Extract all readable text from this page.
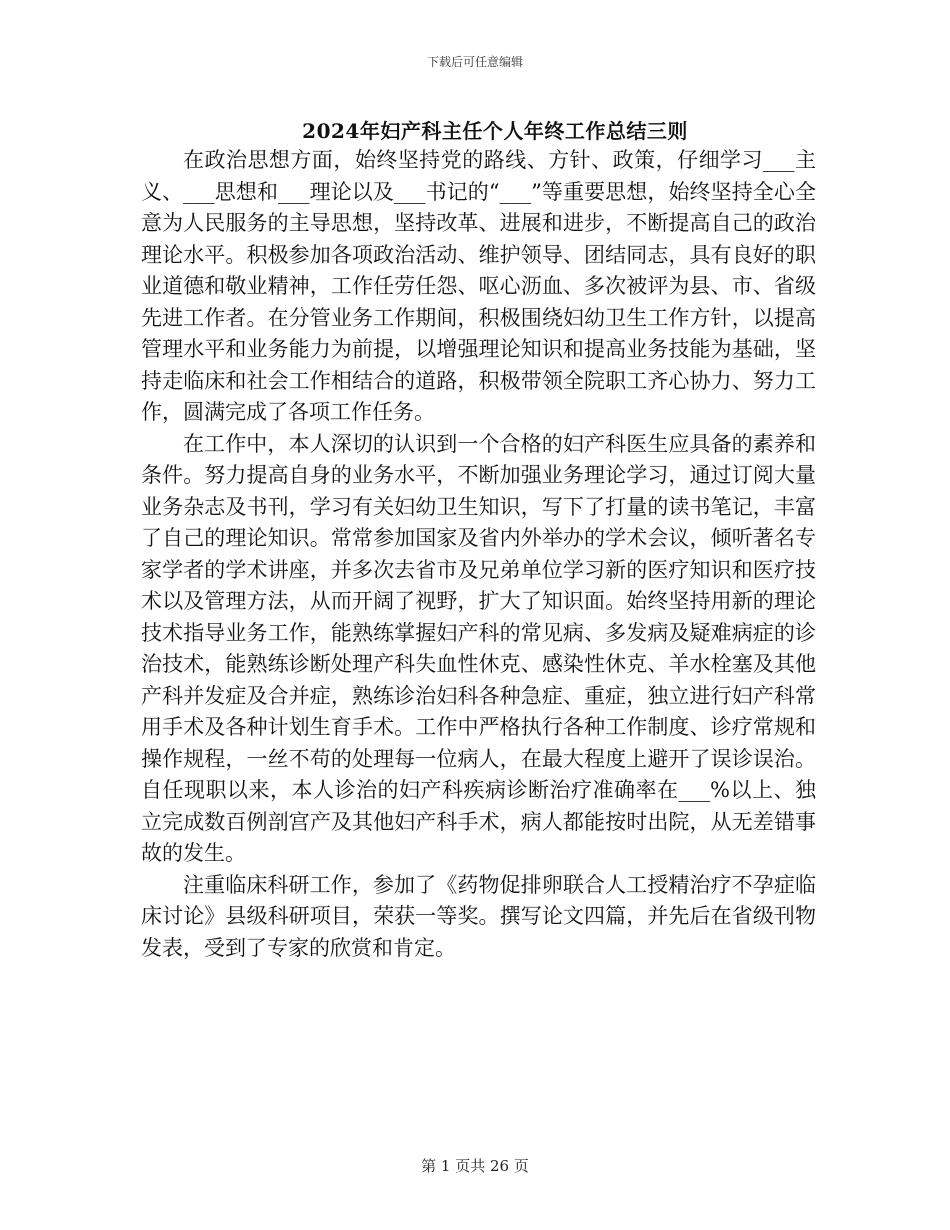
下载后可任意编辑
2024年妇产科主任个人年终工作总结三则

在政治思想方面，始终坚持党的路线、方针、政策，仔细学习___主义、___思想和___理论以及___书记的“___”等重要思想，始终坚持全心全意为人民服务的主导思想，坚持改革、进展和进步，不断提高自己的政治理论水平。积极参加各项政治活动、维护领导、团结同志，具有良好的职业道德和敬业精神，工作任劳任怨、呕心沥血、多次被评为县、市、省级先进工作者。在分管业务工作期间，积极围绕妇幼卫生工作方针，以提高管理水平和业务能力为前提，以增强理论知识和提高业务技能为基础，坚持走临床和社会工作相结合的道路，积极带领全院职工齐心协力、努力工作，圆满完成了各项工作任务。

在工作中，本人深切的认识到一个合格的妇产科医生应具备的素养和条件。努力提高自身的业务水平，不断加强业务理论学习，通过订阅大量业务杂志及书刊，学习有关妇幼卫生知识，写下了打量的读书笔记，丰富了自己的理论知识。常常参加国家及省内外举办的学术会议，倾听著名专家学者的学术讲座，并多次去省市及兄弟单位学习新的医疗知识和医疗技术以及管理方法，从而开阔了视野，扩大了知识面。始终坚持用新的理论技术指导业务工作，能熟练掌握妇产科的常见病、多发病及疑难病症的诊治技术，能熟练诊断处理产科失血性休克、感染性休克、羊水栓塞及其他产科并发症及合并症，熟练诊治妇科各种急症、重症，独立进行妇产科常用手术及各种计划生育手术。工作中严格执行各种工作制度、诊疗常规和操作规程，一丝不苟的处理每一位病人，在最大程度上避开了误诊误治。自任现职以来，本人诊治的妇产科疾病诊断治疗准确率在___%以上、独立完成数百例剖宫产及其他妇产科手术，病人都能按时出院，从无差错事故的发生。

注重临床科研工作，参加了《药物促排卵联合人工授精治疗不孕症临床讨论》县级科研项目，荣获一等奖。撰写论文四篇，并先后在省级刊物发表，受到了专家的欣赏和肯定。

第 1 页共 26 页
